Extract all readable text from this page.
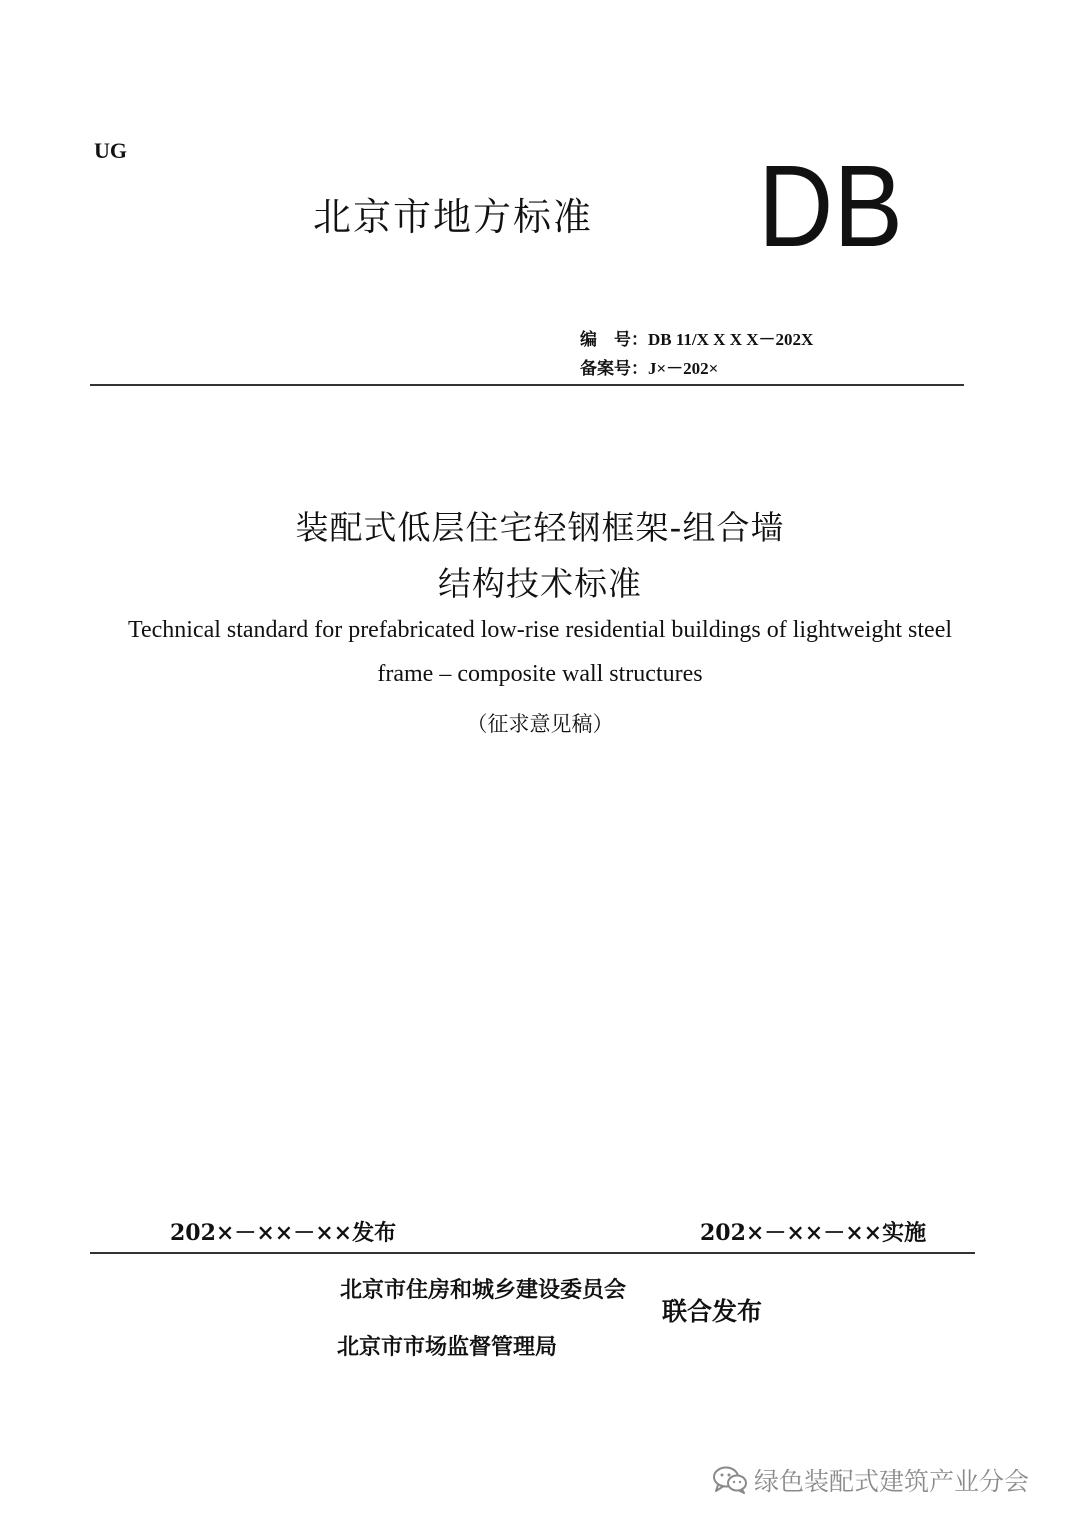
UG
北京市地方标准 DB
编　号：DB 11/X X X X－202X
备案号：J×－202×
装配式低层住宅轻钢框架-组合墙
结构技术标准
Technical standard for prefabricated low-rise residential buildings of lightweight steel
frame – composite wall structures
（征求意见稿）
202×－××－××发布	202×－××－××实施
北京市住房和城乡建设委员会
北京市市场监督管理局
联合发布
绿色装配式建筑产业分会
